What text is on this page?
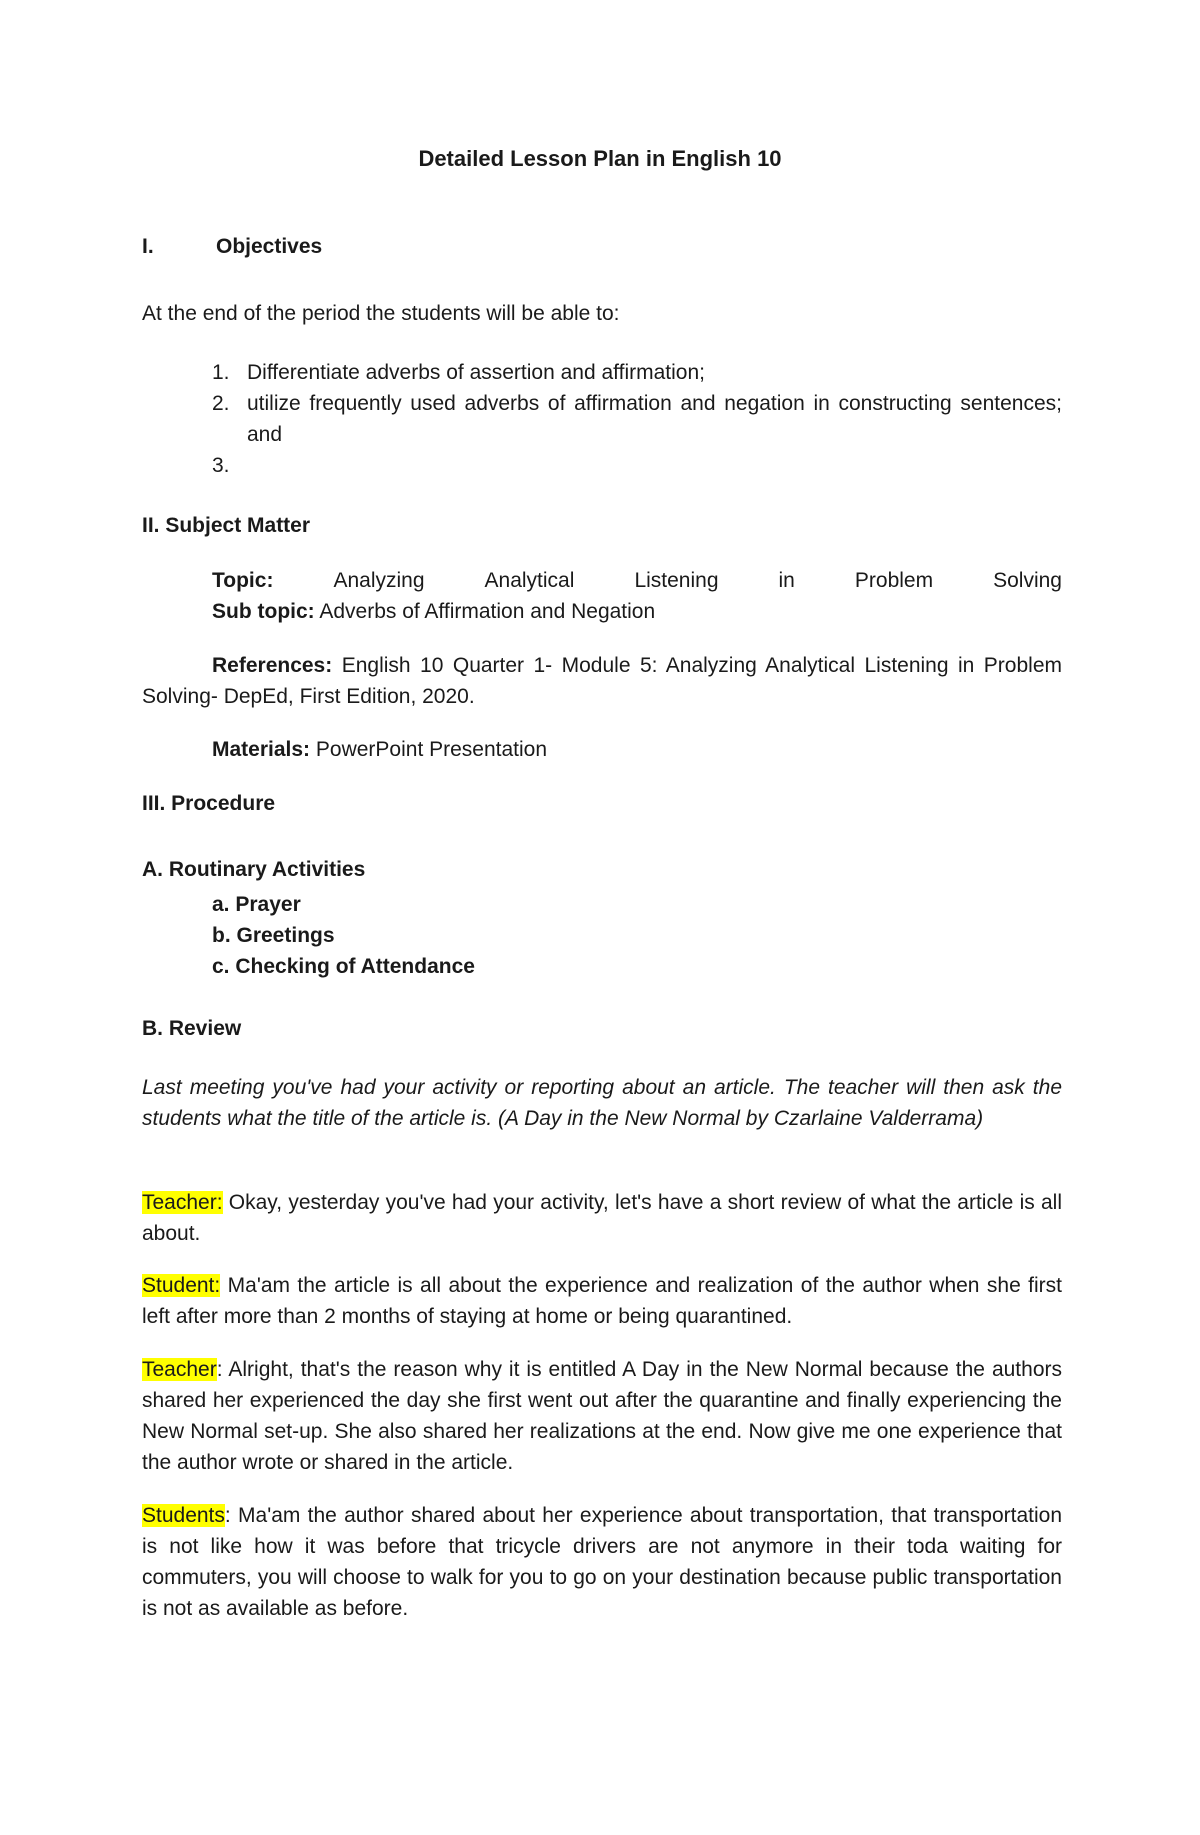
Detailed Lesson Plan in English 10
I.	Objectives
At the end of the period the students will be able to:
1. Differentiate adverbs of assertion and affirmation;
2. utilize frequently used adverbs of affirmation and negation in constructing sentences; and
3.
II. Subject Matter
Topic:	Analyzing	Analytical	Listening	in	Problem	Solving
Sub topic: Adverbs of Affirmation and Negation
References: English 10 Quarter 1- Module 5: Analyzing Analytical Listening in Problem Solving- DepEd, First Edition, 2020.
Materials: PowerPoint Presentation
III. Procedure
A. Routinary Activities
a. Prayer
b. Greetings
c. Checking of Attendance
B. Review
Last meeting you've had your activity or reporting about an article. The teacher will then ask the students what the title of the article is. (A Day in the New Normal by Czarlaine Valderrama)
Teacher: Okay, yesterday you've had your activity, let's have a short review of what the article is all about.
Student: Ma'am the article is all about the experience and realization of the author when she first left after more than 2 months of staying at home or being quarantined.
Teacher: Alright, that's the reason why it is entitled A Day in the New Normal because the authors shared her experienced the day she first went out after the quarantine and finally experiencing the New Normal set-up. She also shared her realizations at the end. Now give me one experience that the author wrote or shared in the article.
Students: Ma'am the author shared about her experience about transportation, that transportation is not like how it was before that tricycle drivers are not anymore in their toda waiting for commuters, you will choose to walk for you to go on your destination because public transportation is not as available as before.
